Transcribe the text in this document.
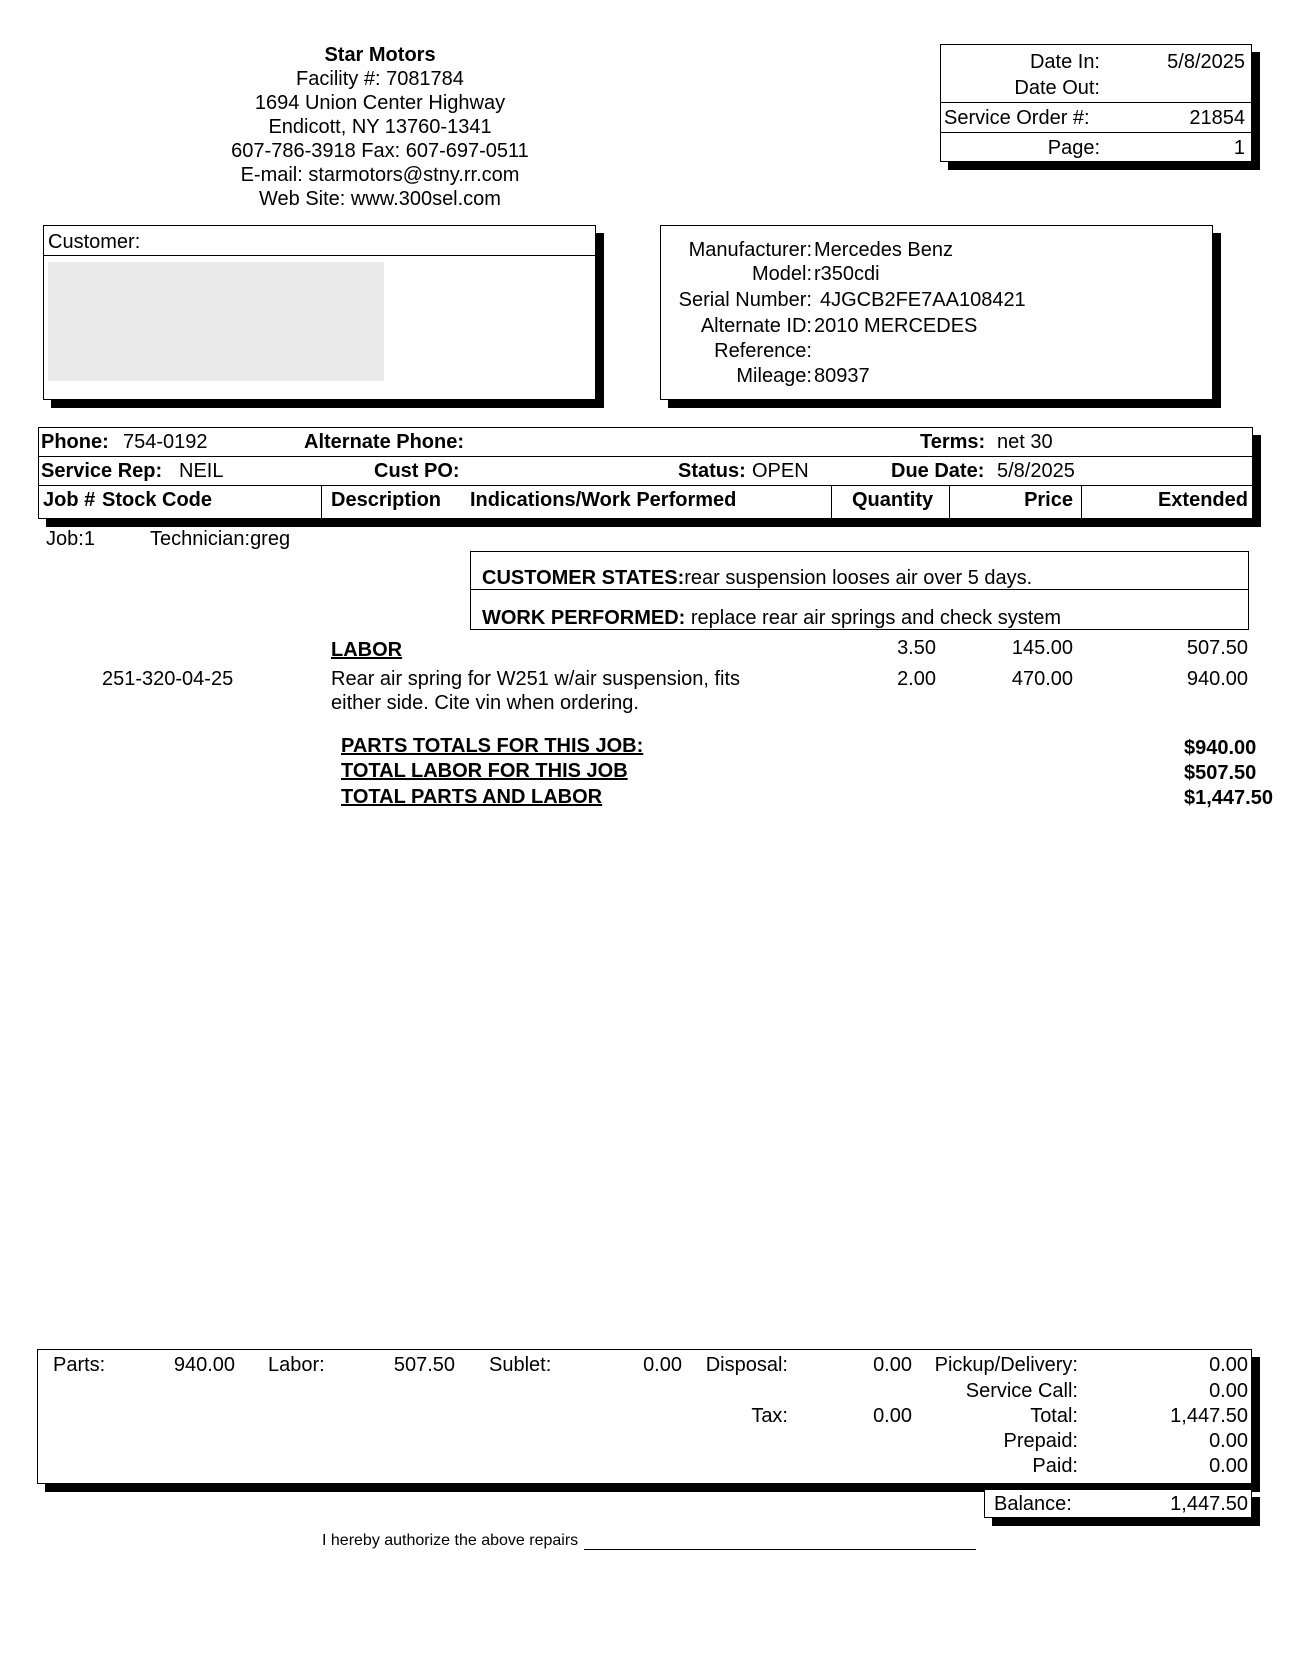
Star Motors
Facility #: 7081784
1694 Union Center Highway
Endicott, NY 13760-1341
607-786-3918 Fax: 607-697-0511
E-mail: starmotors@stny.rr.com
Web Site: www.300sel.com
Date In:	5/8/2025
Date Out:
Service Order #:	21854
Page:	1
Customer:	Manufacturer: Mercedes Benz
Model: r350cdi
Serial Number: 4JGCB2FE7AA108421
Alternate ID: 2010 MERCEDES
Reference:
Mileage: 80937
Phone: 754-0192	Alternate Phone:	Terms: net 30
Service Rep: NEIL	Cust PO:	Status: OPEN	Due Date: 5/8/2025
Job # Stock Code	Description Indications/Work Performed	Quantity	Price	Extended
Job:1	Technician:greg
CUSTOMER STATES:rear suspension looses air over 5 days.
WORK PERFORMED: replace rear air springs and check system
LABOR	3.50	145.00	507.50
251-320-04-25	Rear air spring for W251 w/air suspension, fits
either side. Cite vin when ordering.
2.00	470.00	940.00
PARTS TOTALS FOR THIS JOB:	$940.00
TOTAL LABOR FOR THIS JOB	$507.50
TOTAL PARTS AND LABOR	$1,447.50
Parts:	940.00 Labor:	507.50 Sublet:	0.00	Disposal:	0.00
Tax:	0.00
Pickup/Delivery:	0.00
Service Call:	0.00
Total:	1,447.50
Prepaid:	0.00
Paid:	0.00
Balance:	1,447.50
I hereby authorize the above repairs
